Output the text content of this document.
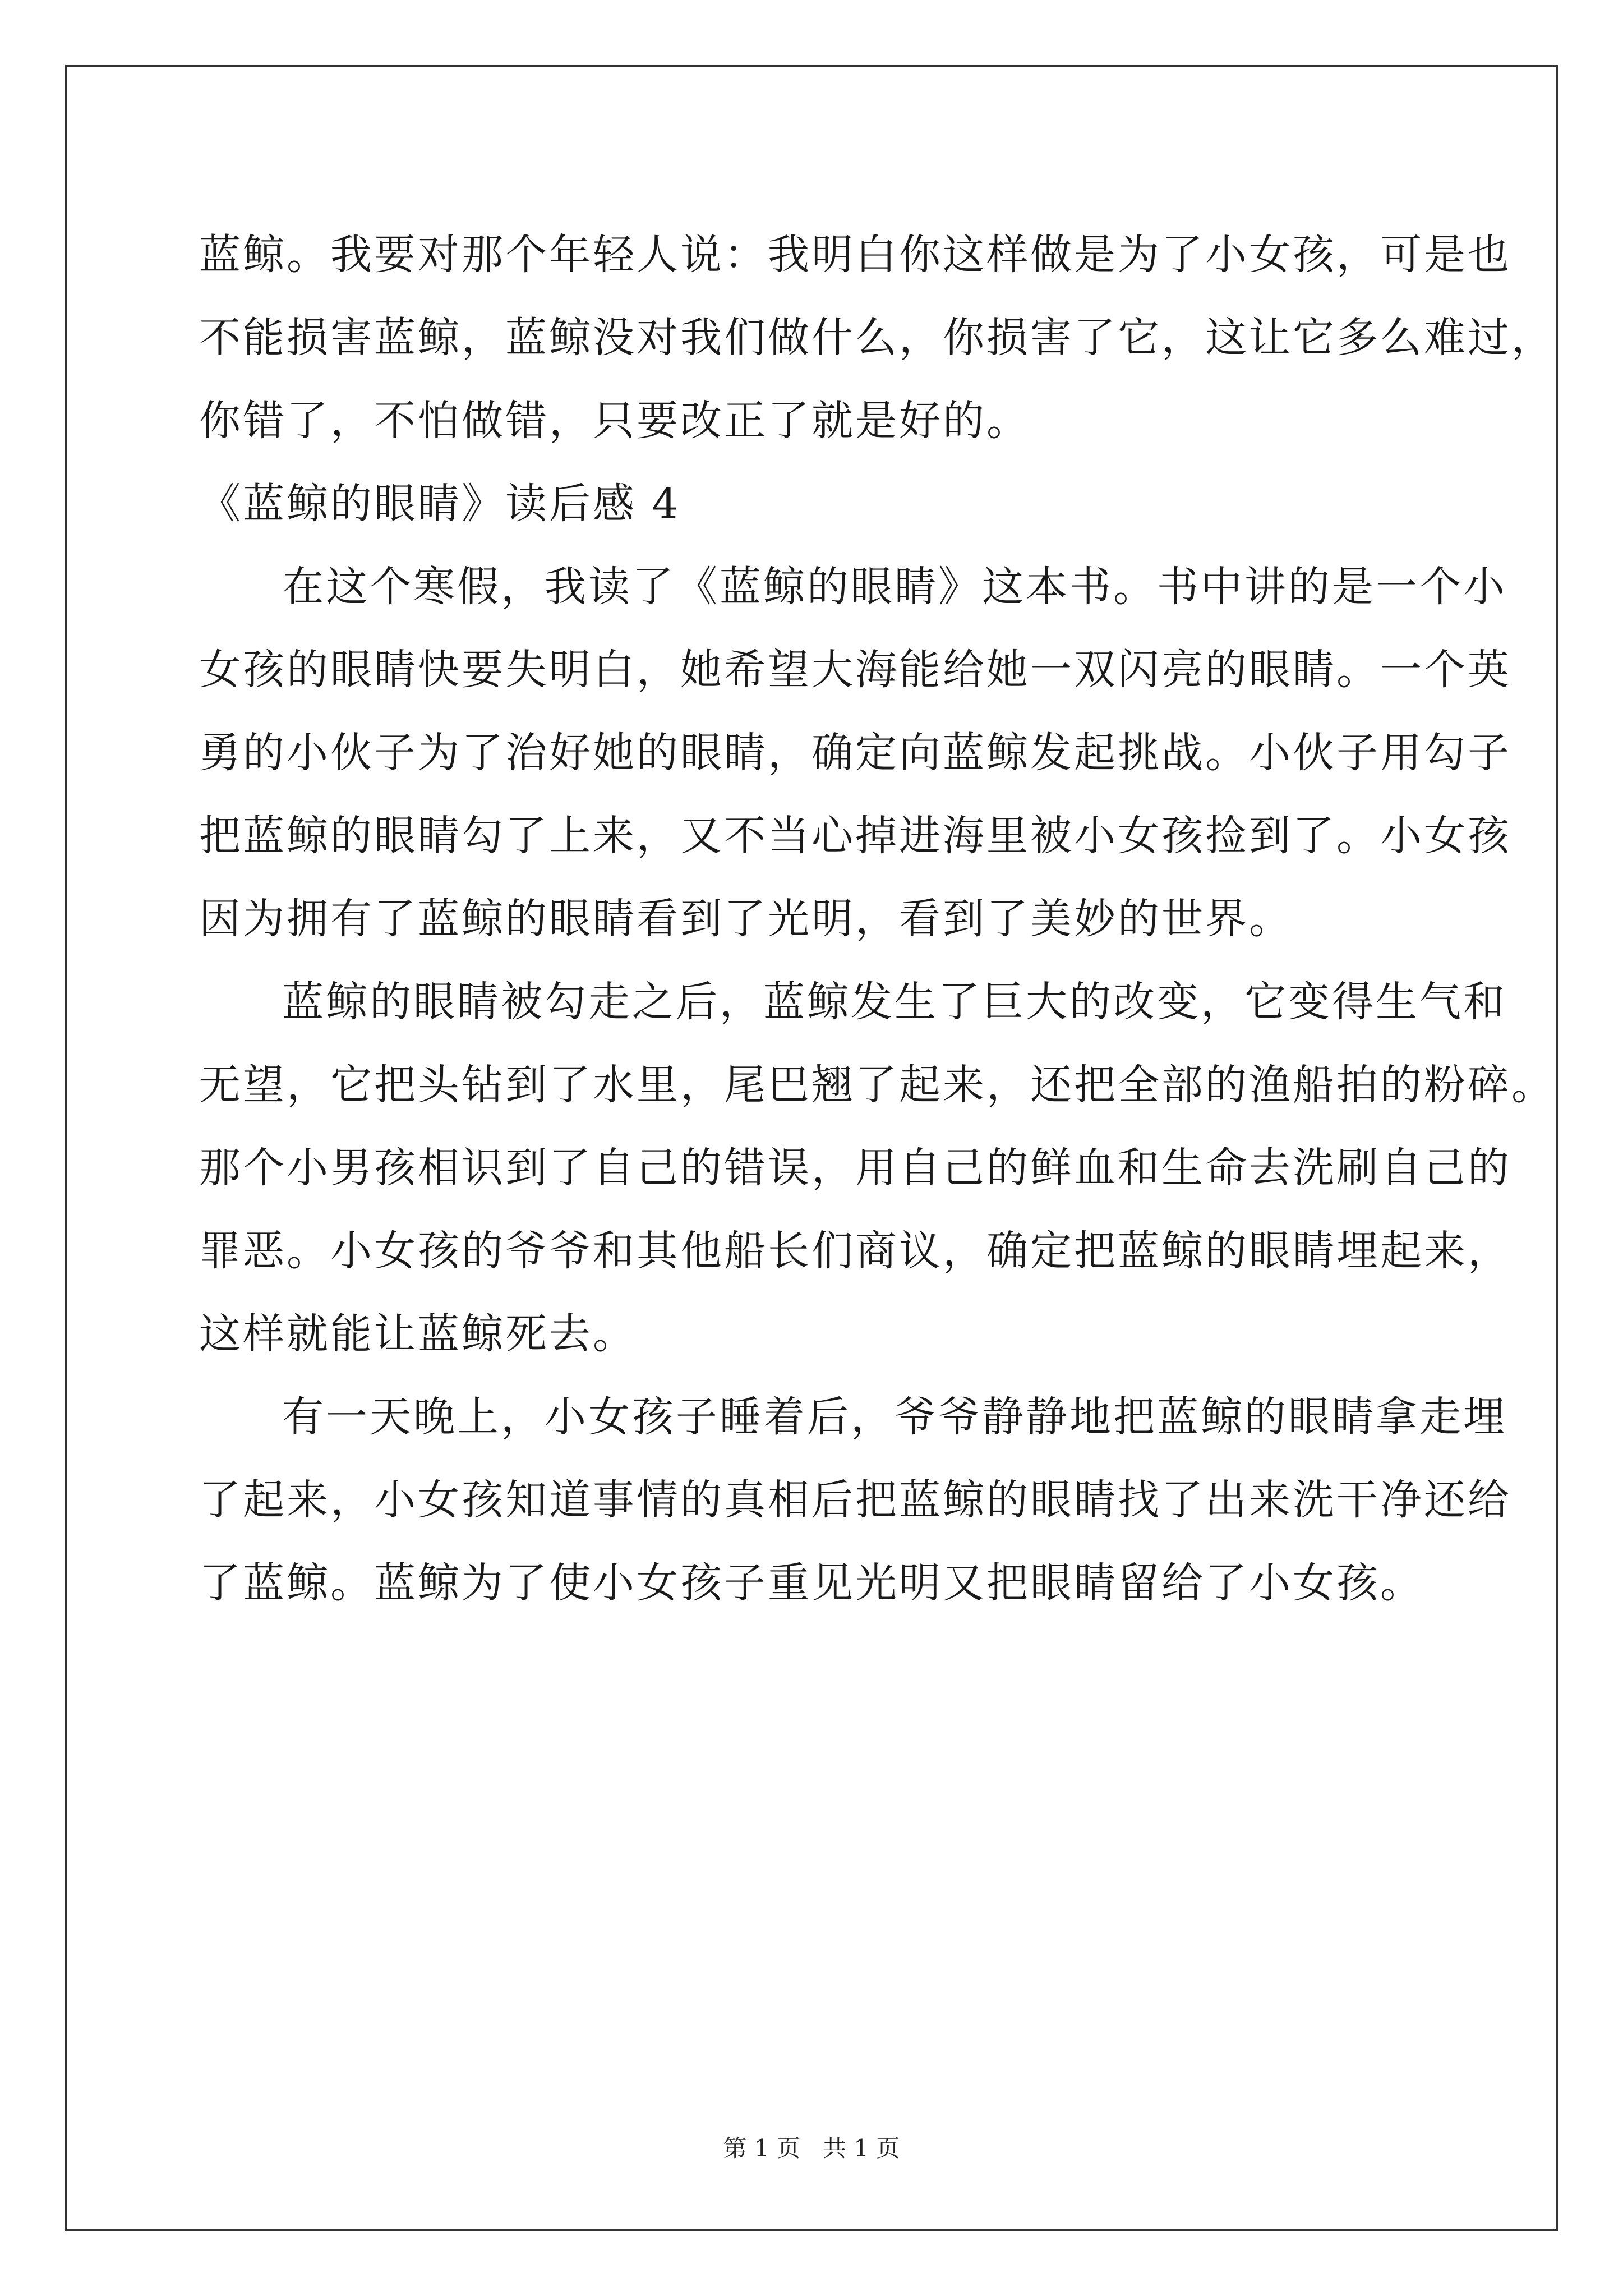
蓝鲸。我要对那个年轻人说：我明白你这样做是为了小女孩，可是也
不能损害蓝鲸，蓝鲸没对我们做什么，你损害了它，这让它多么难过，
你错了，不怕做错，只要改正了就是好的。
《蓝鲸的眼睛》读后感 4
在这个寒假，我读了《蓝鲸的眼睛》这本书。书中讲的是一个小
女孩的眼睛快要失明白，她希望大海能给她一双闪亮的眼睛。一个英
勇的小伙子为了治好她的眼睛，确定向蓝鲸发起挑战。小伙子用勾子
把蓝鲸的眼睛勾了上来，又不当心掉进海里被小女孩捡到了。小女孩
因为拥有了蓝鲸的眼睛看到了光明，看到了美妙的世界。
蓝鲸的眼睛被勾走之后，蓝鲸发生了巨大的改变，它变得生气和
无望，它把头钻到了水里，尾巴翘了起来，还把全部的渔船拍的粉碎。
那个小男孩相识到了自己的错误，用自己的鲜血和生命去洗刷自己的
罪恶。小女孩的爷爷和其他船长们商议，确定把蓝鲸的眼睛埋起来，
这样就能让蓝鲸死去。
有一天晚上，小女孩子睡着后，爷爷静静地把蓝鲸的眼睛拿走埋
了起来，小女孩知道事情的真相后把蓝鲸的眼睛找了出来洗干净还给
了蓝鲸。蓝鲸为了使小女孩子重见光明又把眼睛留给了小女孩。
第 1 页 共 1 页
